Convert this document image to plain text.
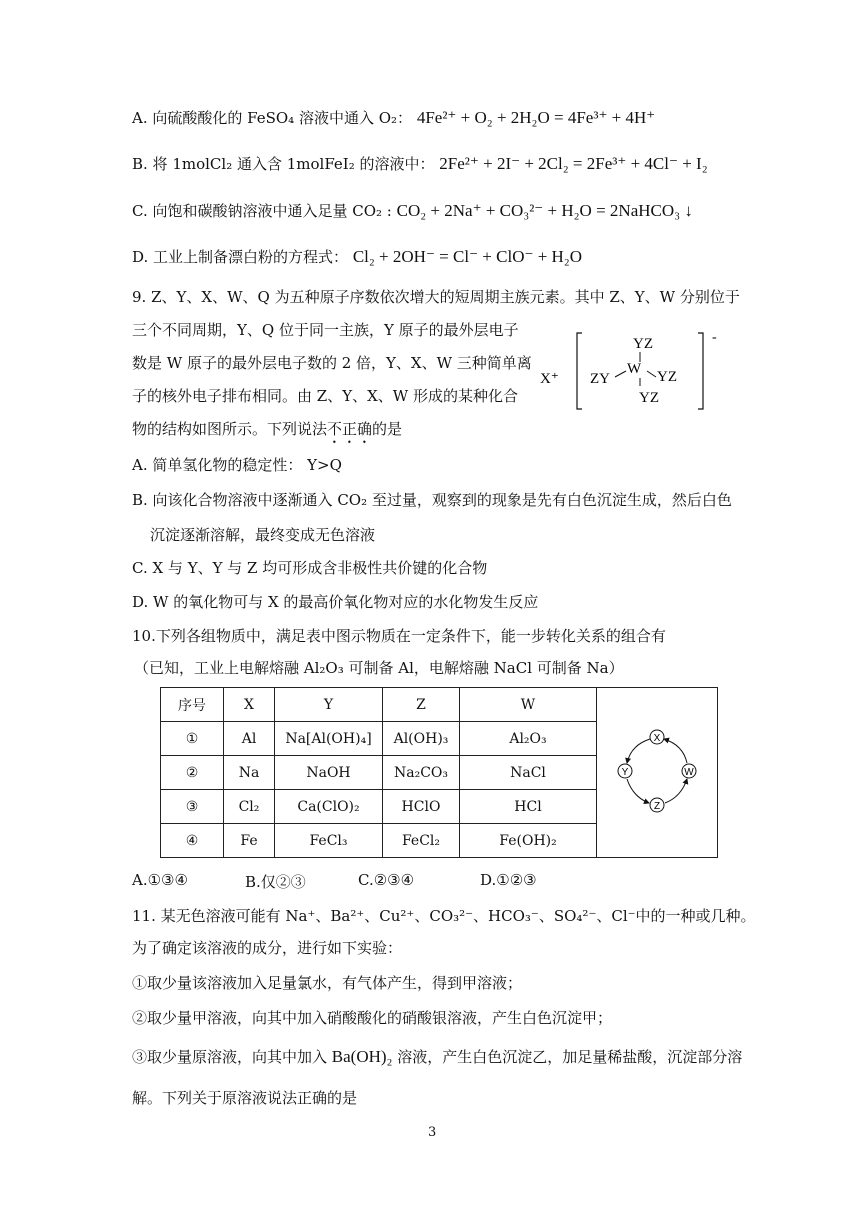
A. 向硫酸酸化的 FeSO₄ 溶液中通入 O₂： 4Fe²⁺ + O₂ + 2H₂O = 4Fe³⁺ + 4H⁺
B. 将 1molCl₂ 通入含 1molFeI₂ 的溶液中： 2Fe²⁺ + 2I⁻ + 2Cl₂ = 2Fe³⁺ + 4Cl⁻ + I₂
C. 向饱和碳酸钠溶液中通入足量 CO₂ : CO₂ + 2Na⁺ + CO₃²⁻ + H₂O = 2NaHCO₃ ↓
D. 工业上制备漂白粉的方程式： Cl₂ + 2OH⁻ = Cl⁻ + ClO⁻ + H₂O
9. Z、Y、X、W、Q 为五种原子序数依次增大的短周期主族元素。其中 Z、Y、W 分别位于
三个不同周期，Y、Q 位于同一主族，Y 原子的最外层电子
数是 W 原子的最外层电子数的 2 倍，Y、X、W 三种简单离
子的核外电子排布相同。由 Z、Y、X、W 形成的某种化合
物的结构如图所示。下列说法不正确的是
X⁺
-
YZ
W
ZY	YZ
YZ
A. 简单氢化物的稳定性： Y>Q
B. 向该化合物溶液中逐渐通入 CO₂ 至过量，观察到的现象是先有白色沉淀生成，然后白色
沉淀逐渐溶解，最终变成无色溶液
C. X 与 Y、Y 与 Z 均可形成含非极性共价键的化合物
D. W 的氧化物可与 X 的最高价氧化物对应的水化物发生反应
10.下列各组物质中，满足表中图示物质在一定条件下，能一步转化关系的组合有
（已知，工业上电解熔融 Al₂O₃ 可制备 Al，电解熔融 NaCl 可制备 Na）
序号	X	Y	Z	W	X
Y W
Z

①	Al	Na[Al(OH)₄]	Al(OH)₃	Al₂O₃	
②	Na	NaOH	Na₂CO₃	NaCl	
③	Cl₂	Ca(ClO)₂	HClO	HCl	
④	Fe	FeCl₃	FeCl₂	Fe(OH)₂	
A.①③④	B.仅②③	C.②③④	D.①②③
11. 某无色溶液可能有 Na⁺、Ba²⁺、Cu²⁺、CO₃²⁻、HCO₃⁻、SO₄²⁻、Cl⁻中的一种或几种。
为了确定该溶液的成分，进行如下实验：
①取少量该溶液加入足量氯水，有气体产生，得到甲溶液；
②取少量甲溶液，向其中加入硝酸酸化的硝酸银溶液，产生白色沉淀甲；
③取少量原溶液，向其中加入 Ba(OH)₂ 溶液，产生白色沉淀乙，加足量稀盐酸，沉淀部分溶
解。下列关于原溶液说法正确的是
3
